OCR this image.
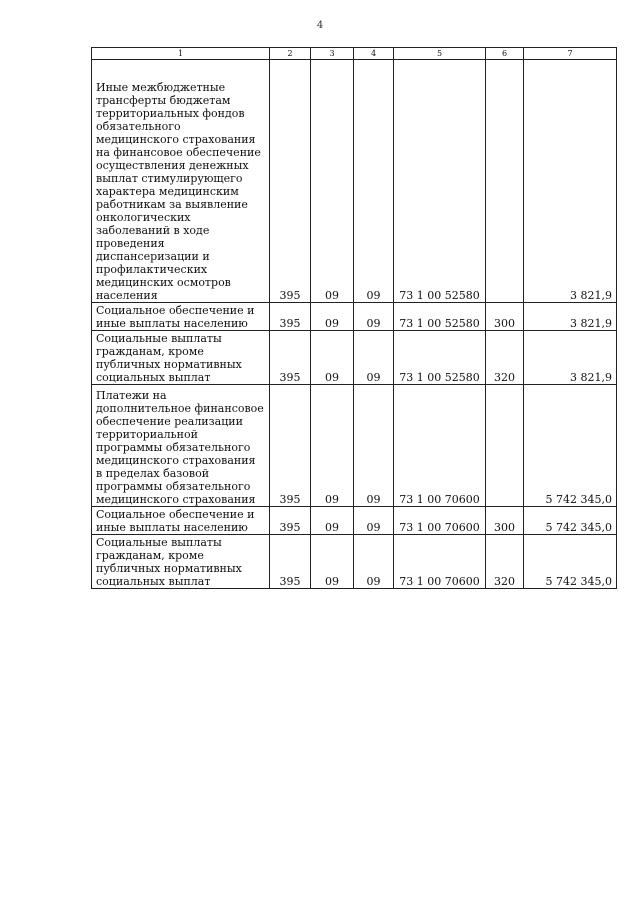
4
1	2	3	4	5	6	7
Иные межбюджетные трансферты бюджетам территориальных фондов обязательного медицинского страхования на финансовое обеспечение осуществления денежных выплат стимулирующего характера медицинским работникам за выявление онкологических заболеваний в ходе проведения диспансеризации и профилактических медицинских осмотров населения	395	09	09	73 1 00 52580		3 821,9
Социальное обеспечение и иные выплаты населению	395	09	09	73 1 00 52580	300	3 821,9
Социальные выплаты гражданам, кроме публичных нормативных социальных выплат	395	09	09	73 1 00 52580	320	3 821,9
Платежи на дополнительное финансовое обеспечение реализации территориальной программы обязательного медицинского страхования в пределах базовой программы обязательного медицинского страхования	395	09	09	73 1 00 70600		5 742 345,0
Социальное обеспечение и иные выплаты населению	395	09	09	73 1 00 70600	300	5 742 345,0
Социальные выплаты гражданам, кроме публичных нормативных социальных выплат	395	09	09	73 1 00 70600	320	5 742 345,0
